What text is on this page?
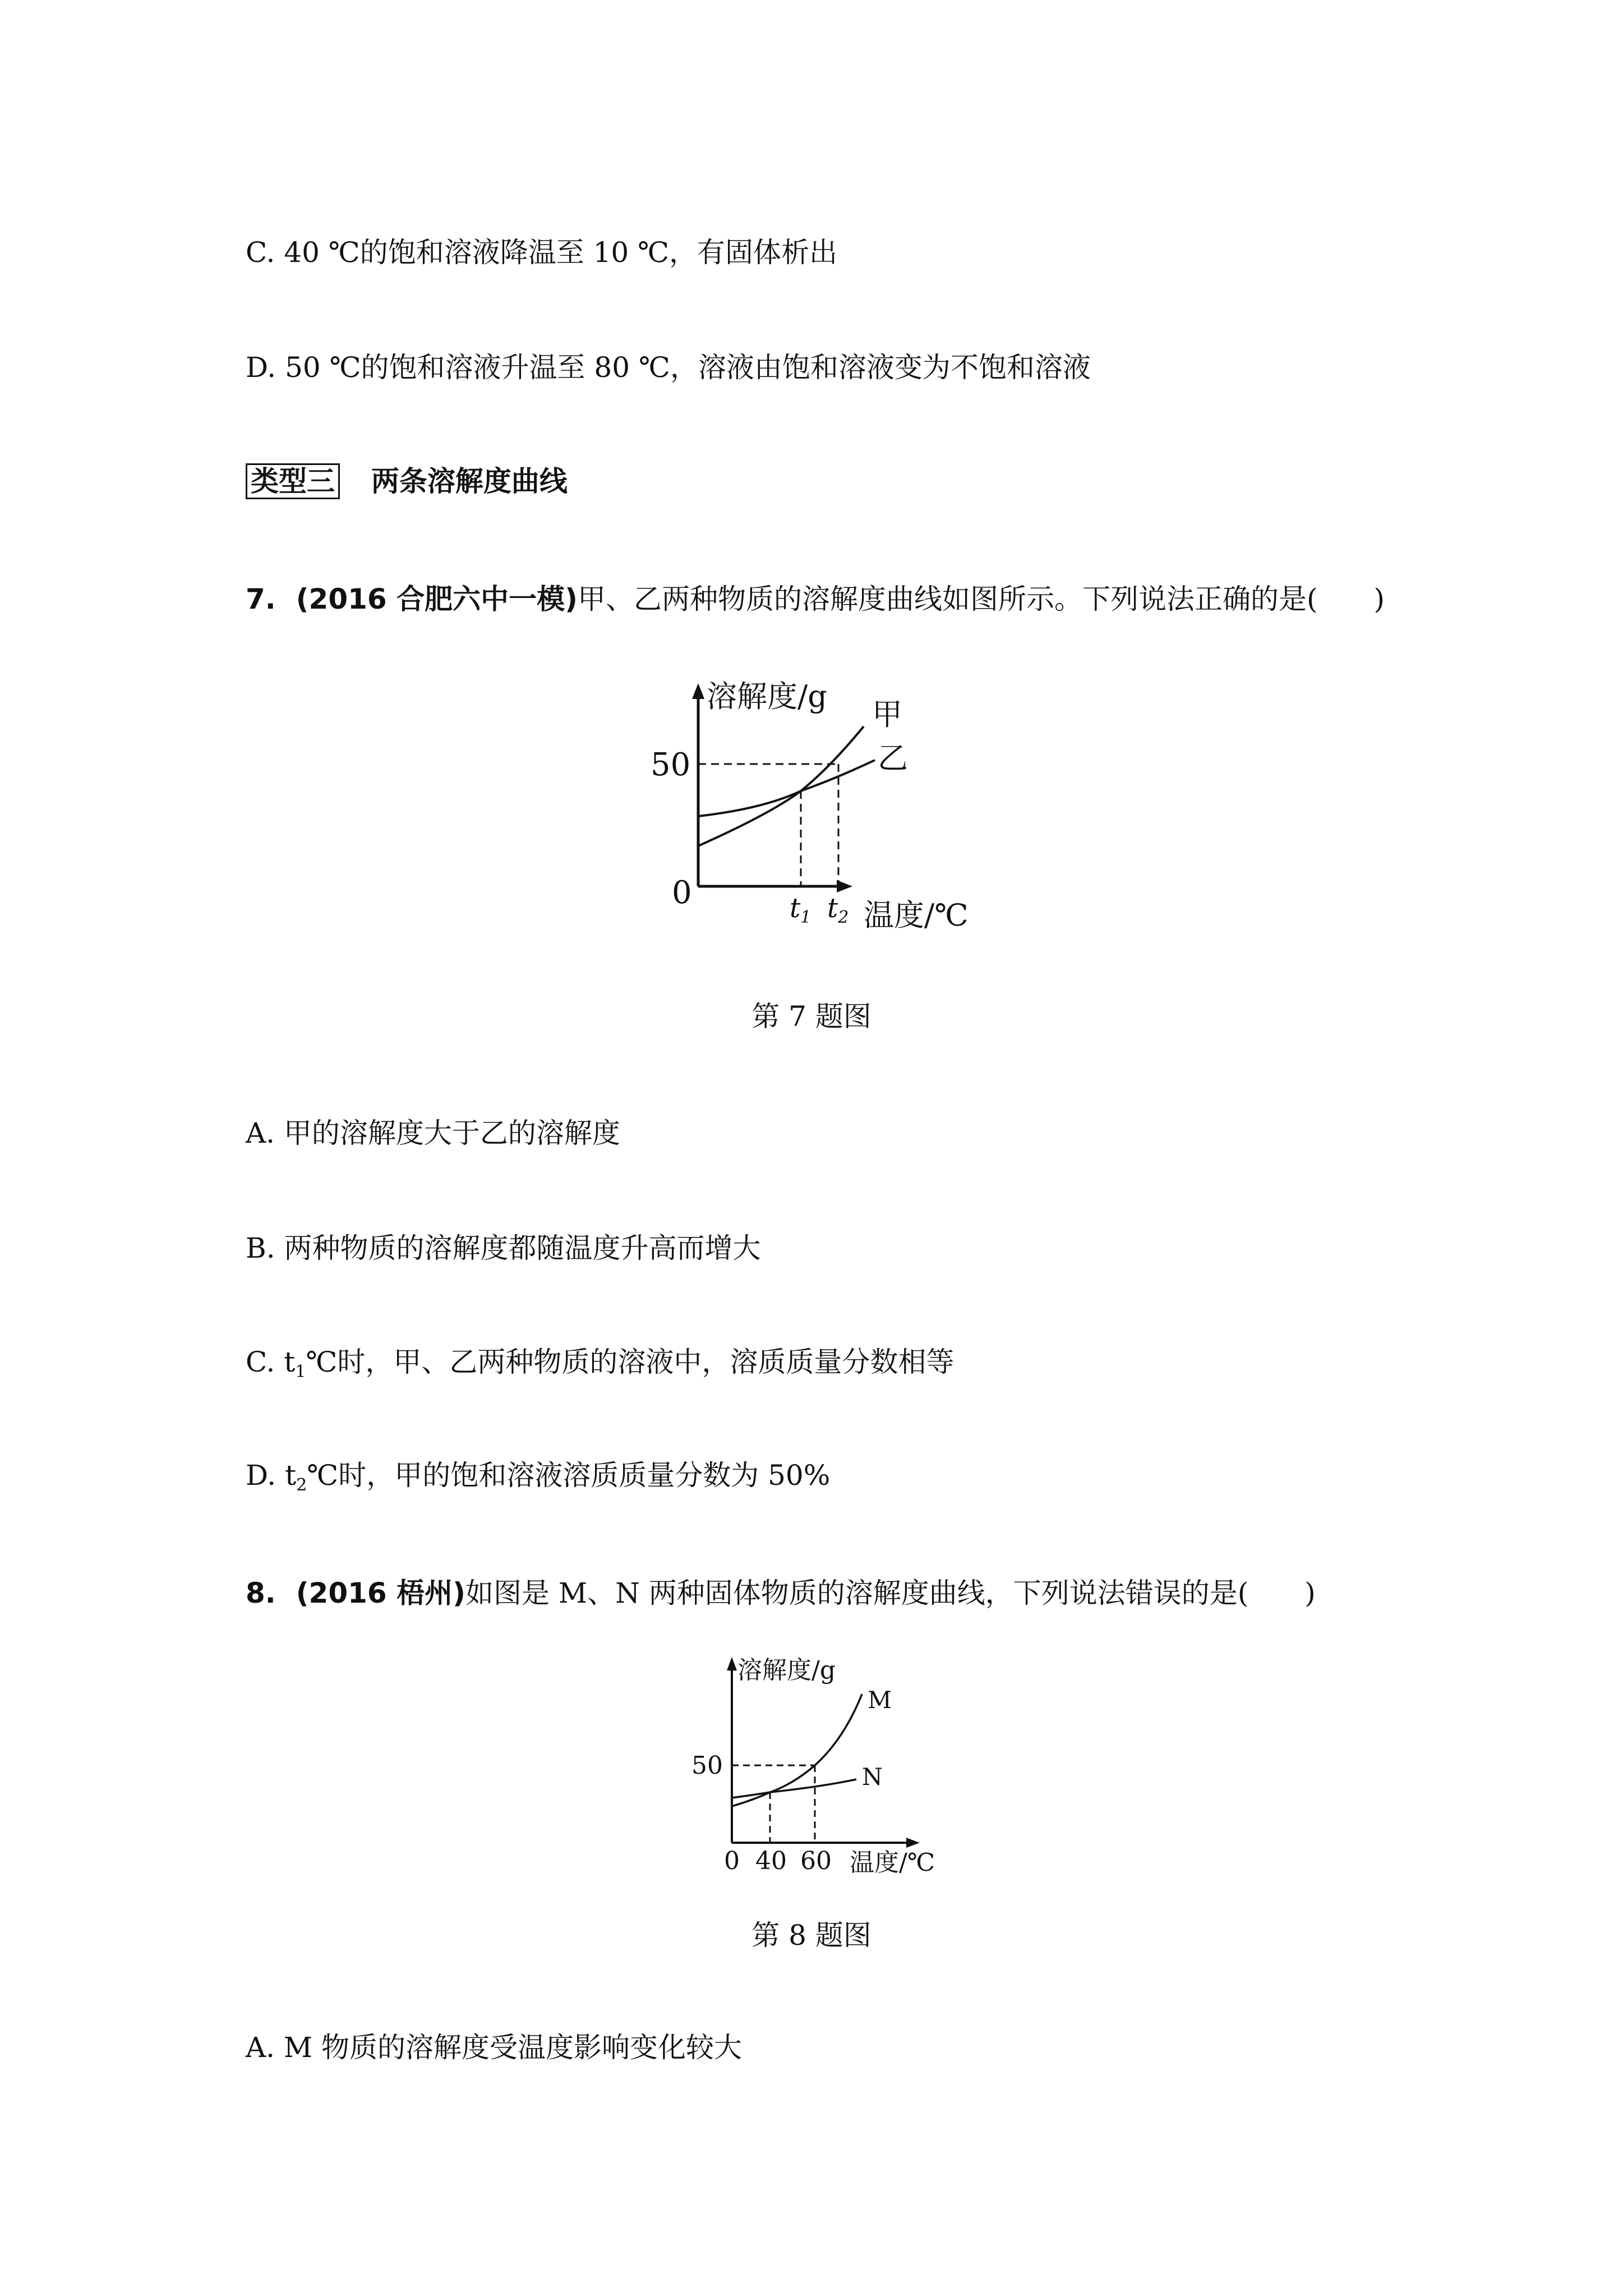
C. 40 ℃的饱和溶液降温至 10 ℃，有固体析出
D. 50 ℃的饱和溶液升温至 80 ℃，溶液由饱和溶液变为不饱和溶液
类型三 两条溶解度曲线
7. (2016 合肥六中一模)甲、乙两种物质的溶解度曲线如图所示。下列说法正确的是(　　)
溶解度/g
甲
乙
50
0	$t_1$ $t_2$ 温度/℃
第 7 题图
A. 甲的溶解度大于乙的溶解度
B. 两种物质的溶解度都随温度升高而增大
C. $t_1℃$时，甲、乙两种物质的溶液中，溶质质量分数相等
D. $t_2℃$时，甲的饱和溶液溶质质量分数为 50%
8. (2016 梧州)如图是 M、N 两种固体物质的溶解度曲线，下列说法错误的是(　　)
溶解度/g
M
N
50
0 40 60 温度/℃
第 8 题图
A. M 物质的溶解度受温度影响变化较大
